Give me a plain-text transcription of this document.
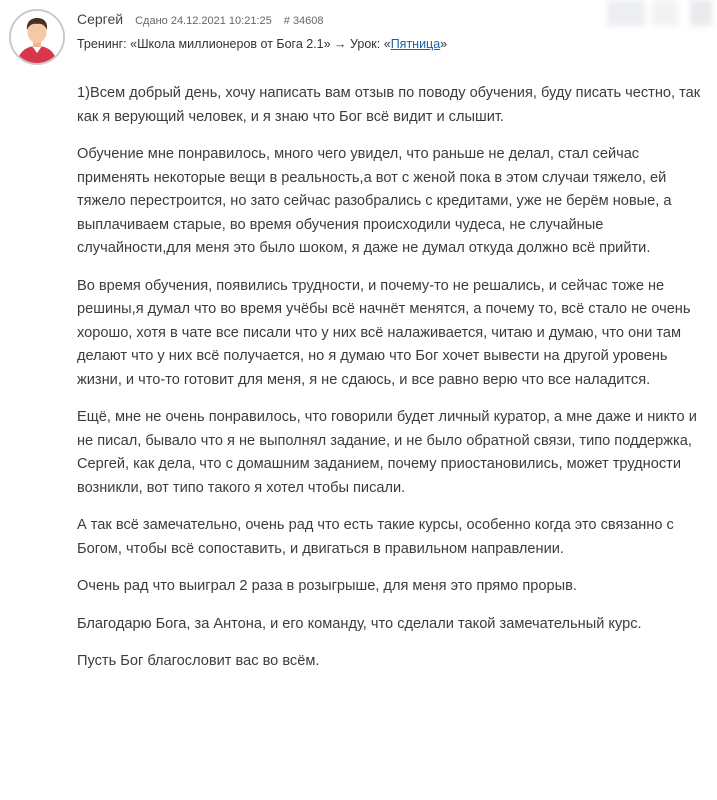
Сергей Сдано 24.12.2021 10:21:25 # 34608
Тренинг: «Школа миллионеров от Бога 2.1» → Урок: «Пятница»

1)Всем добрый день, хочу написать вам отзыв по поводу обучения, буду писать честно, так как я верующий человек, и я знаю что Бог всё видит и слышит.

Обучение мне понравилось, много чего увидел, что раньше не делал, стал сейчас применять некоторые вещи в реальность,а вот с женой пока в этом случаи тяжело, ей тяжело перестроится, но зато сейчас разобрались с кредитами, уже не берём новые, а выплачиваем старые, во время обучения происходили чудеса, не случайные случайности,для меня это было шоком, я даже не думал откуда должно всё прийти.

Во время обучения, появились трудности, и почему-то не решались, и сейчас тоже не решины,я думал что во время учёбы всё начнёт менятся, а почему то, всё стало не очень хорошо, хотя в чате все писали что у них всё налаживается, читаю и думаю, что они там делают что у них всё получается, но я думаю что Бог хочет вывести на другой уровень жизни, и что-то готовит для меня, я не сдаюсь, и все равно верю что все наладится.

Ещё, мне не очень понравилось, что говорили будет личный куратор, а мне даже и никто и не писал, бывало что я не выполнял задание, и не было обратной связи, типо поддержка, Сергей, как дела, что с домашним заданием, почему приостановились, может трудности возникли, вот типо такого я хотел чтобы писали.

А так всё замечательно, очень рад что есть такие курсы, особенно когда это связанно с Богом, чтобы всё сопоставить, и двигаться в правильном направлении.

Очень рад что выиграл 2 раза в розыгрыше, для меня это прямо прорыв.

Благодарю Бога, за Антона, и его команду, что сделали такой замечательный курс.

Пусть Бог благословит вас во всём.
